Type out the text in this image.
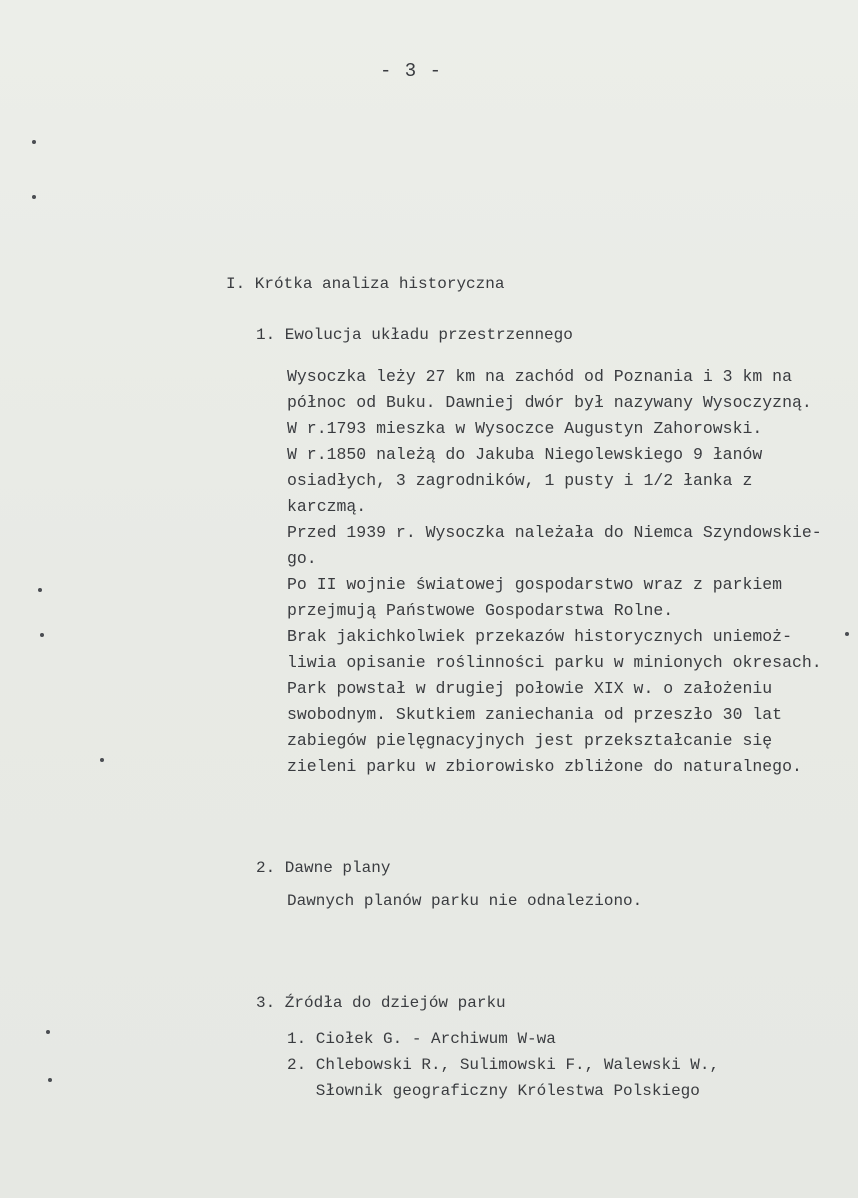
- 3 -
I. Krótka analiza historyczna
1. Ewolucja układu przestrzennego
Wysoczka leży 27 km na zachód od Poznania i 3 km na
północ od Buku. Dawniej dwór był nazywany Wysoczyzną.
W r.1793 mieszka w Wysoczce Augustyn Zahorowski.
W r.1850 należą do Jakuba Niegolewskiego 9 łanów
osiadłych, 3 zagrodników, 1 pusty i 1/2 łanka z
karczmą.
Przed 1939 r. Wysoczka należała do Niemca Szyndowskie-
go.
Po II wojnie światowej gospodarstwo wraz z parkiem
przejmują Państwowe Gospodarstwa Rolne.
Brak jakichkolwiek przekazów historycznych uniemoż-
liwia opisanie roślinności parku w minionych okresach.
Park powstał w drugiej połowie XIX w. o założeniu
swobodnym. Skutkiem zaniechania od przeszło 30 lat
zabiegów pielęgnacyjnych jest przekształcanie się
zieleni parku w zbiorowisko zbliżone do naturalnego.
2. Dawne plany
Dawnych planów parku nie odnaleziono.
3. Źródła do dziejów parku
1. Ciołek G. - Archiwum W-wa
2. Chlebowski R., Sulimowski F., Walewski W.,
Słownik geograficzny Królestwa Polskiego
